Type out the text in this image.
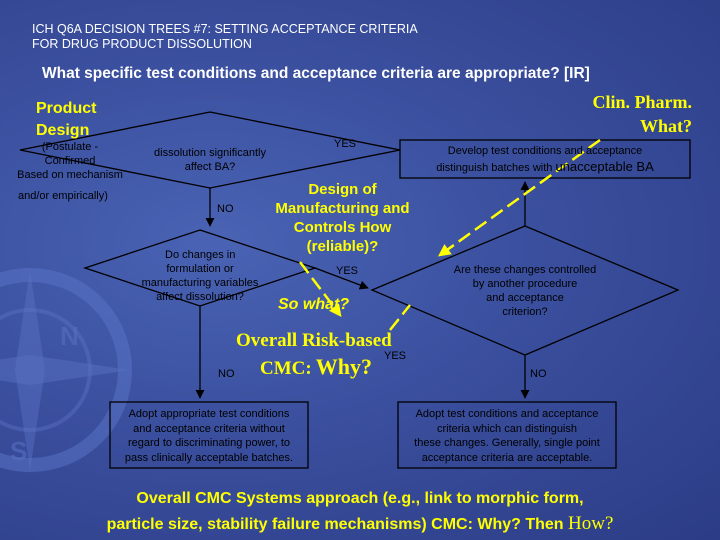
N
S
ICH Q6A DECISION TREES #7: SETTING ACCEPTANCE CRITERIA
FOR DRUG PRODUCT DISSOLUTION
What specific test conditions and acceptance criteria are appropriate? [IR]
Product Design
Clin. Pharm. What?
(Postulate -
Confirmed
Based on mechanism
and/or empirically)
dissolution significantly
affect BA?
YES
Develop test conditions and acceptance
distinguish batches with unacceptable BA
Design of Manufacturing and Controls How (reliable)?
NO
Do changes in
formulation or
manufacturing variables
affect dissolution?
YES
So what?
Are these changes controlled
by another procedure
and acceptance
criterion?
Overall Risk-based
CMC: Why? YES
NO	NO
Adopt appropriate test conditions
and acceptance criteria without
regard to discriminating power, to
pass clinically acceptable batches.
Adopt test conditions and acceptance
criteria which can distinguish
these changes. Generally, single point
acceptance criteria are acceptable.
Overall CMC Systems approach (e.g., link to morphic form,
particle size, stability failure mechanisms) CMC: Why? Then How?
